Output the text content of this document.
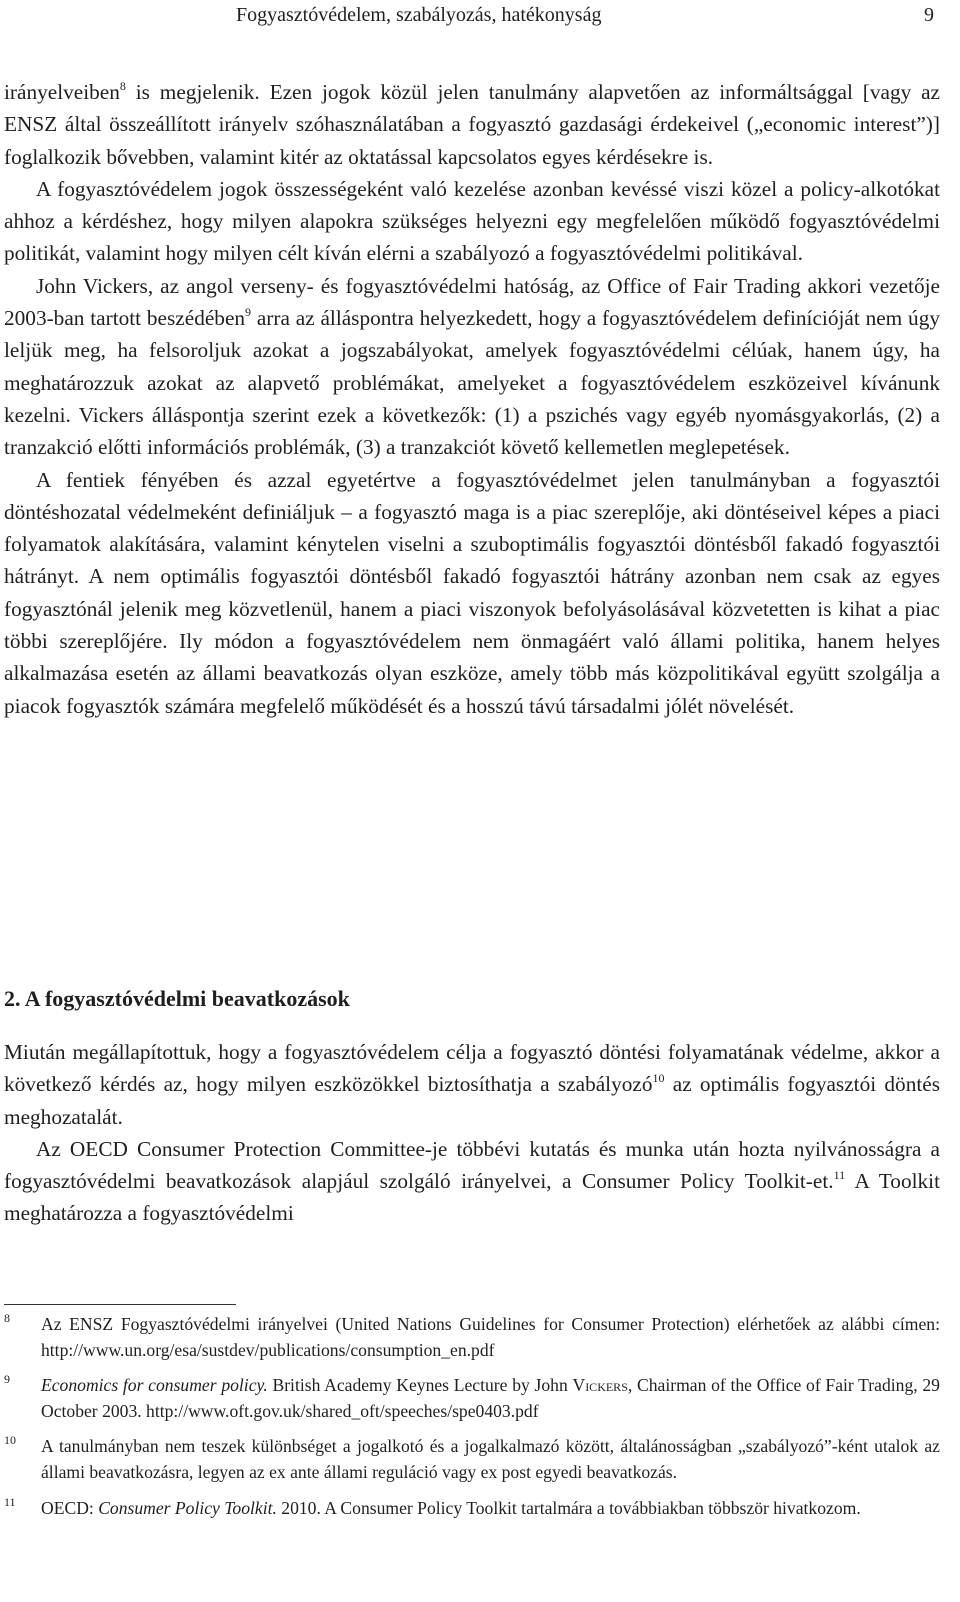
Fogyasztóvédelem, szabályozás, hatékonyság	9

irányelveiben$^8$ is megjelenik. Ezen jogok közül jelen tanulmány alapvetően az informáltsággal [vagy az ENSZ által összeállított irányelv szóhasználatában a fogyasztó gazdasági érdekeivel („economic interest”)] foglalkozik bővebben, valamint kitér az oktatással kapcsolatos egyes kérdésekre is.

A fogyasztóvédelem jogok összességeként való kezelése azonban kevéssé viszi közel a policy-alkotókat ahhoz a kérdéshez, hogy milyen alapokra szükséges helyezni egy megfelelően működő fogyasztóvédelmi politikát, valamint hogy milyen célt kíván elérni a szabályozó a fogyasztóvédelmi politikával.

John Vickers, az angol verseny- és fogyasztóvédelmi hatóság, az Office of Fair Trading akkori vezetője 2003-ban tartott beszédében$^9$ arra az álláspontra helyezkedett, hogy a fogyasztóvédelem definícióját nem úgy leljük meg, ha felsoroljuk azokat a jogszabályokat, amelyek fogyasztóvédelmi célúak, hanem úgy, ha meghatározzuk azokat az alapvető problémákat, amelyeket a fogyasztóvédelem eszközeivel kívánunk kezelni. Vickers álláspontja szerint ezek a következők: (1) a pszichés vagy egyéb nyomásgyakorlás, (2) a tranzakció előtti információs problémák, (3) a tranzakciót követő kellemetlen meglepetések.

A fentiek fényében és azzal egyetértve a fogyasztóvédelmet jelen tanulmányban a fogyasztói döntéshozatal védelmeként definiáljuk – a fogyasztó maga is a piac szereplője, aki döntéseivel képes a piaci folyamatok alakítására, valamint kénytelen viselni a szuboptimális fogyasztói döntésből fakadó fogyasztói hátrányt. A nem optimális fogyasztói döntésből fakadó fogyasztói hátrány azonban nem csak az egyes fogyasztónál jelenik meg közvetlenül, hanem a piaci viszonyok befolyásolásával közvetetten is kihat a piac többi szereplőjére. Ily módon a fogyasztóvédelem nem önmagáért való állami politika, hanem helyes alkalmazása esetén az állami beavatkozás olyan eszköze, amely több más közpolitikával együtt szolgálja a piacok fogyasztók számára megfelelő működését és a hosszú távú társadalmi jólét növelését.

2. A fogyasztóvédelmi beavatkozások

Miután megállapítottuk, hogy a fogyasztóvédelem célja a fogyasztó döntési folyamatának védelme, akkor a következő kérdés az, hogy milyen eszközökkel biztosíthatja a szabályozó$^{10}$ az optimális fogyasztói döntés meghozatalát.

Az OECD Consumer Protection Committee-je többévi kutatás és munka után hozta nyilvánosságra a fogyasztóvédelmi beavatkozások alapjául szolgáló irányelvei, a Consumer Policy Toolkit-et.$^{11}$ A Toolkit meghatározza a fogyasztóvédelmi

8 Az ENSZ Fogyasztóvédelmi irányelvei (United Nations Guidelines for Consumer Protection) elérhetőek az alábbi címen: http://www.un.org/esa/sustdev/publications/consumption_en.pdf

9 Economics for consumer policy. British Academy Keynes Lecture by John Vickers, Chairman of the Office of Fair Trading, 29 October 2003. http://www.oft.gov.uk/shared_oft/speeches/spe0403.pdf

10 A tanulmányban nem teszek különbséget a jogalkotó és a jogalkalmazó között, általánosságban „szabályozó”-ként utalok az állami beavatkozásra, legyen az ex ante állami reguláció vagy ex post egyedi beavatkozás.

11 OECD: Consumer Policy Toolkit. 2010. A Consumer Policy Toolkit tartalmára a továbbiakban többször hivatkozom.
